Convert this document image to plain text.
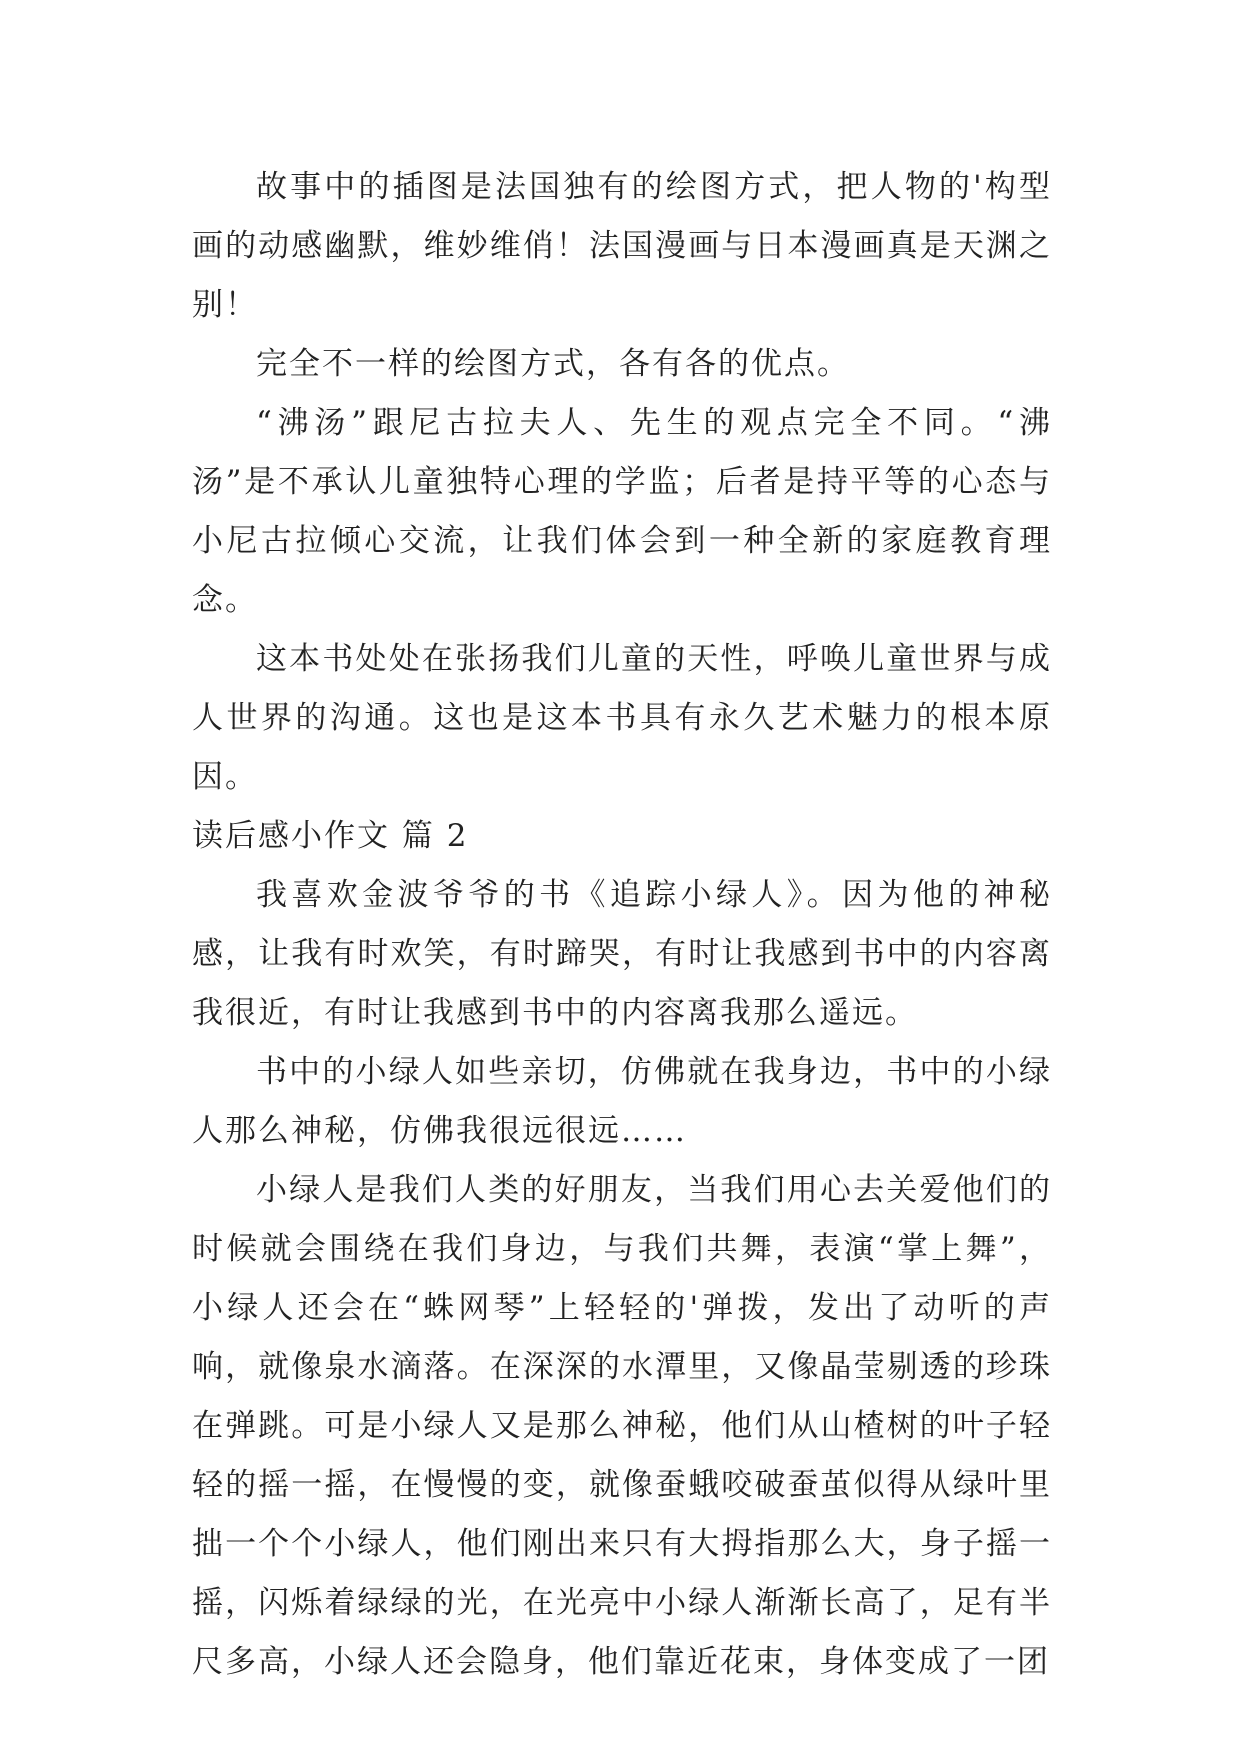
故事中的插图是法国独有的绘图方式，把人物的'构型画的动感幽默，维妙维俏！法国漫画与日本漫画真是天渊之别！

完全不一样的绘图方式，各有各的优点。

“沸汤”跟尼古拉夫人、先生的观点完全不同。“沸汤”是不承认儿童独特心理的学监；后者是持平等的心态与小尼古拉倾心交流，让我们体会到一种全新的家庭教育理念。

这本书处处在张扬我们儿童的天性，呼唤儿童世界与成人世界的沟通。这也是这本书具有永久艺术魅力的根本原因。

读后感小作文 篇 2

我喜欢金波爷爷的书《追踪小绿人》。因为他的神秘感，让我有时欢笑，有时蹄哭，有时让我感到书中的内容离我很近，有时让我感到书中的内容离我那么遥远。

书中的小绿人如些亲切，仿佛就在我身边，书中的小绿人那么神秘，仿佛我很远很远……

小绿人是我们人类的好朋友，当我们用心去关爱他们的时候就会围绕在我们身边，与我们共舞，表演“掌上舞”，小绿人还会在“蛛网琴”上轻轻的'弹拨，发出了动听的声响，就像泉水滴落。在深深的水潭里，又像晶莹剔透的珍珠在弹跳。可是小绿人又是那么神秘，他们从山楂树的叶子轻轻的摇一摇，在慢慢的变，就像蚕蛾咬破蚕茧似得从绿叶里拙一个个小绿人，他们刚出来只有大拇指那么大，身子摇一摇，闪烁着绿绿的光，在光亮中小绿人渐渐长高了，足有半尺多高，小绿人还会隐身，他们靠近花束，身体变成了一团
